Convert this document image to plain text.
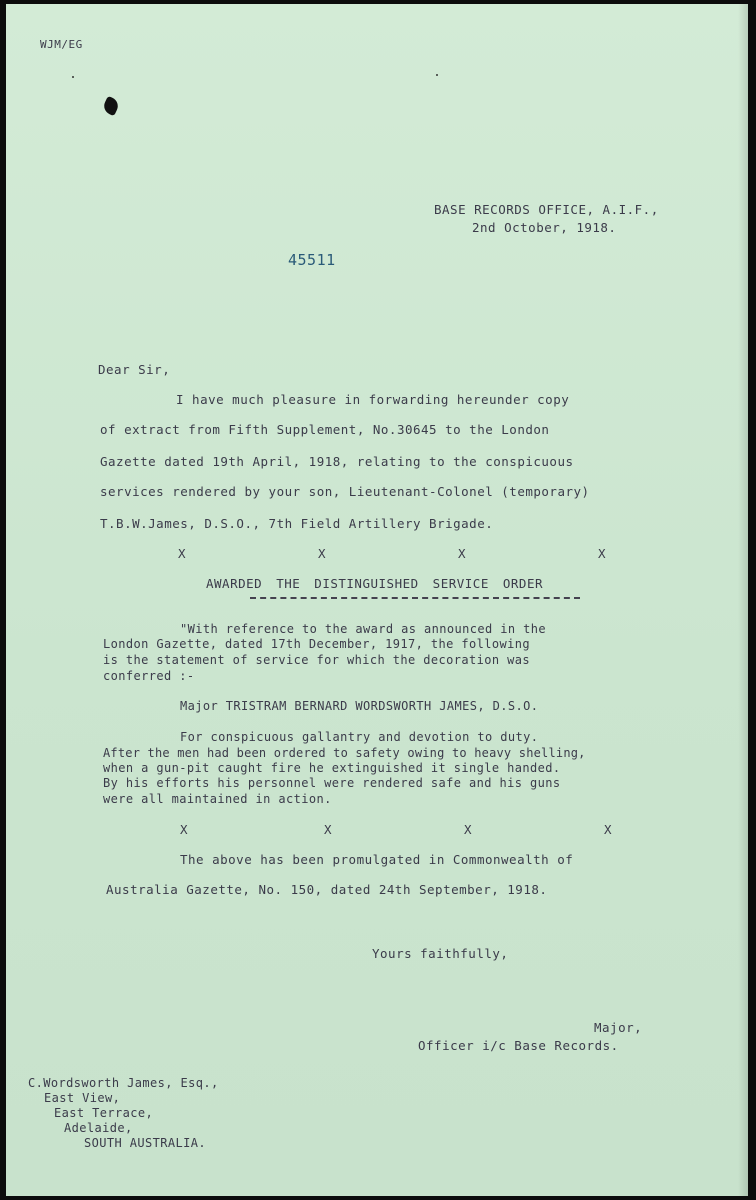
WJM/EG

BASE RECORDS OFFICE, A.I.F.,

2nd October, 1918.

45511

Dear Sir,

I have much pleasure in forwarding hereunder copy

of extract from Fifth Supplement, No.30645 to the London

Gazette dated 19th April, 1918, relating to the conspicuous

services rendered by your son, Lieutenant-Colonel (temporary)

T.B.W.James, D.S.O., 7th Field Artillery Brigade.

X	X	X	X

AWARDED THE DISTINGUISHED SERVICE ORDER

"With reference to the award as announced in the

London Gazette, dated 17th December, 1917, the following

is the statement of service for which the decoration was

conferred :-

Major TRISTRAM BERNARD WORDSWORTH JAMES, D.S.O.

For conspicuous gallantry and devotion to duty.

After the men had been ordered to safety owing to heavy shelling,

when a gun-pit caught fire he extinguished it single handed.

By his efforts his personnel were rendered safe and his guns

were all maintained in action.

X	X	X	X

The above has been promulgated in Commonwealth of

Australia Gazette, No. 150, dated 24th September, 1918.

Yours faithfully,

Major,

Officer i/c Base Records.

C.Wordsworth James, Esq.,

East View,

East Terrace,

Adelaide,

SOUTH AUSTRALIA.
